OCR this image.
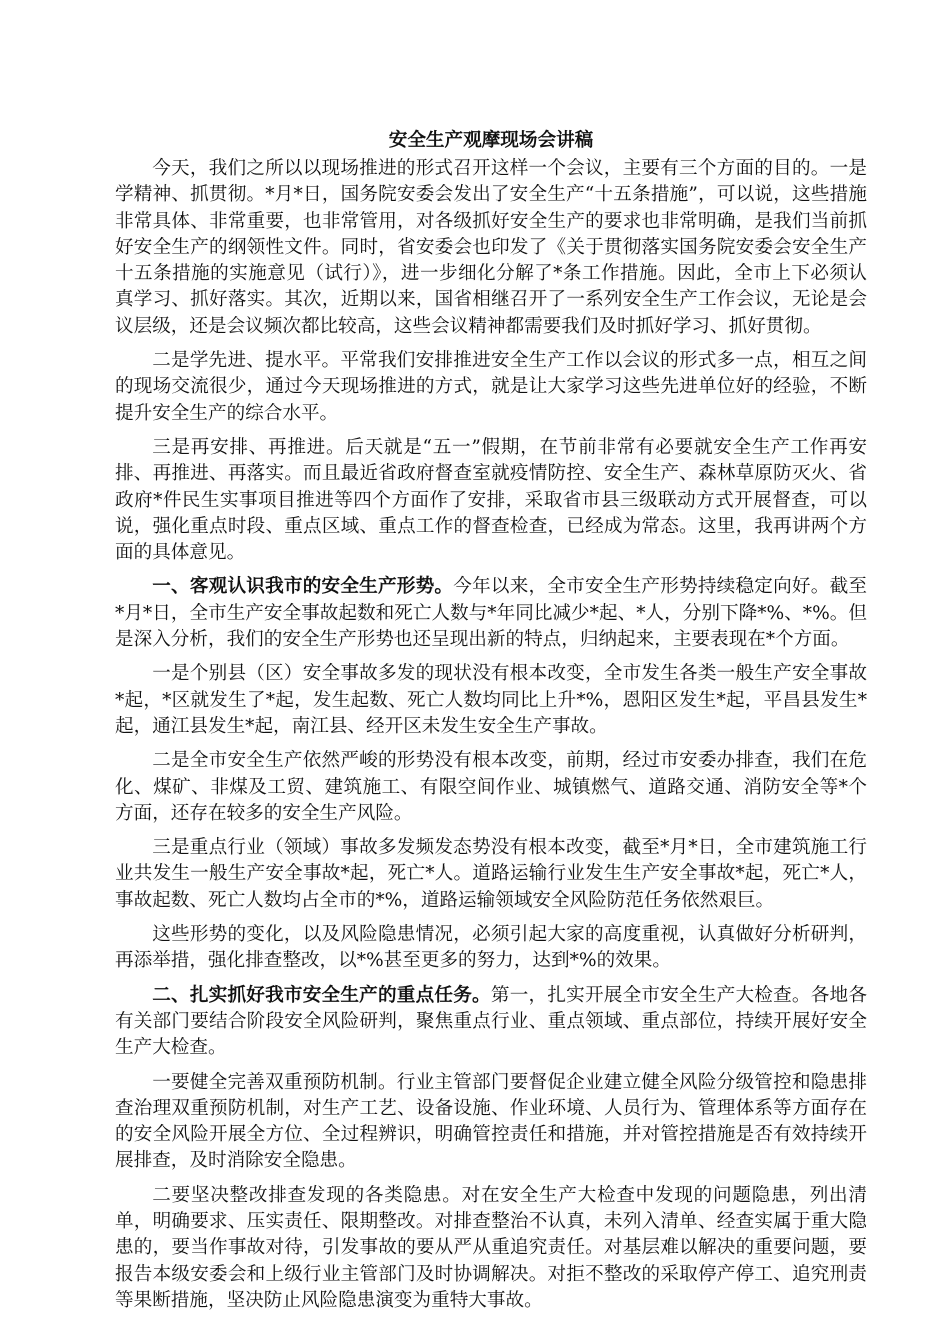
安全生产观摩现场会讲稿

今天，我们之所以以现场推进的形式召开这样一个会议，主要有三个方面的目的。一是学精神、抓贯彻。*月*日，国务院安委会发出了安全生产“十五条措施”，可以说，这些措施非常具体、非常重要，也非常管用，对各级抓好安全生产的要求也非常明确，是我们当前抓好安全生产的纲领性文件。同时，省安委会也印发了《关于贯彻落实国务院安委会安全生产十五条措施的实施意见（试行）》，进一步细化分解了*条工作措施。因此，全市上下必须认真学习、抓好落实。其次，近期以来，国省相继召开了一系列安全生产工作会议，无论是会议层级，还是会议频次都比较高，这些会议精神都需要我们及时抓好学习、抓好贯彻。

二是学先进、提水平。平常我们安排推进安全生产工作以会议的形式多一点，相互之间的现场交流很少，通过今天现场推进的方式，就是让大家学习这些先进单位好的经验，不断提升安全生产的综合水平。

三是再安排、再推进。后天就是“五一”假期，在节前非常有必要就安全生产工作再安排、再推进、再落实。而且最近省政府督查室就疫情防控、安全生产、森林草原防灭火、省政府*件民生实事项目推进等四个方面作了安排，采取省市县三级联动方式开展督查，可以说，强化重点时段、重点区域、重点工作的督查检查，已经成为常态。这里，我再讲两个方面的具体意见。

一、客观认识我市的安全生产形势。今年以来，全市安全生产形势持续稳定向好。截至*月*日，全市生产安全事故起数和死亡人数与*年同比减少*起、*人，分别下降*%、*%。但是深入分析，我们的安全生产形势也还呈现出新的特点，归纳起来，主要表现在*个方面。

一是个别县（区）安全事故多发的现状没有根本改变，全市发生各类一般生产安全事故*起，*区就发生了*起，发生起数、死亡人数均同比上升*%，恩阳区发生*起，平昌县发生*起，通江县发生*起，南江县、经开区未发生安全生产事故。

二是全市安全生产依然严峻的形势没有根本改变，前期，经过市安委办排查，我们在危化、煤矿、非煤及工贸、建筑施工、有限空间作业、城镇燃气、道路交通、消防安全等*个方面，还存在较多的安全生产风险。

三是重点行业（领域）事故多发频发态势没有根本改变，截至*月*日，全市建筑施工行业共发生一般生产安全事故*起，死亡*人。道路运输行业发生生产安全事故*起，死亡*人，事故起数、死亡人数均占全市的*%，道路运输领域安全风险防范任务依然艰巨。

这些形势的变化，以及风险隐患情况，必须引起大家的高度重视，认真做好分析研判，再添举措，强化排查整改，以*%甚至更多的努力，达到*%的效果。

二、扎实抓好我市安全生产的重点任务。第一，扎实开展全市安全生产大检查。各地各有关部门要结合阶段安全风险研判，聚焦重点行业、重点领域、重点部位，持续开展好安全生产大检查。

一要健全完善双重预防机制。行业主管部门要督促企业建立健全风险分级管控和隐患排查治理双重预防机制，对生产工艺、设备设施、作业环境、人员行为、管理体系等方面存在的安全风险开展全方位、全过程辨识，明确管控责任和措施，并对管控措施是否有效持续开展排查，及时消除安全隐患。

二要坚决整改排查发现的各类隐患。对在安全生产大检查中发现的问题隐患，列出清单，明确要求、压实责任、限期整改。对排查整治不认真，未列入清单、经查实属于重大隐患的，要当作事故对待，引发事故的要从严从重追究责任。对基层难以解决的重要问题，要报告本级安委会和上级行业主管部门及时协调解决。对拒不整改的采取停产停工、追究刑责等果断措施，坚决防止风险隐患演变为重特大事故。
